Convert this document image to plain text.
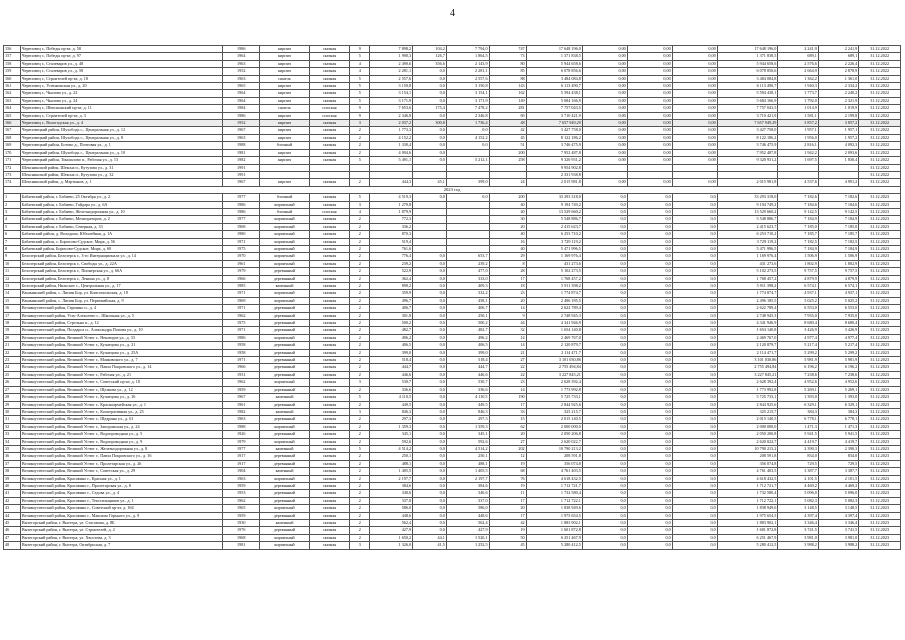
4
156	Череповец г., Победы пр-кт, д. 58	1986	кирпич	скатная	9	7 898,2	104,2	7 794,0	747	17 648 196,0	0,00	0,00	0,00	17 648 196,0	2 241,9	2 241,9	31.12.2022
157	Череповец г., Победы пр-кт, д. 97	1964	кирпич	скатная	5	1 990,3	126,7	1 864,5	73	1 371 838,5	0,00	0,00	0,00	1 371 838,5	689,1	689,1	31.12.2022
158	Череповец г., Сталеваров ул., д. 48	1963	кирпич	скатная	4	2 490,6	356,6	2 143,9	80	5 944 658,6	0,00	0,00	0,00	5 944 658,6	2 576,6	2 226,4	31.12.2022
159	Череповец г., Сталеваров ул., д. 58	1952	кирпич	скатная	4	2 281,1	0,0	2 281,1	85	6 078 856,6	0,00	0,00	0,00	6 078 856,6	2 664,9	2 878,9	31.12.2022
160	Череповец г., Строителей пр-кт, д. 18	1963	панель	скатная	5	2 557,6	0,0	2 557,6	88	3 484 084,8	0,00	0,00	0,00	3 484 084,8	1 362,2	1 361,0	31.12.2022
161	Череповец г., Устюженская ул., д. 20	1965	кирпич	скатная	5	3 150,8	0,0	3 150,8	143	6 113 490,7	0,00	0,00	0,00	6 113 490,7	1 940,3	2 334,2	31.12.2022
162	Череповец г., Чкалова ул., д. 22	1964	кирпич	скатная	5	3 154,1	0,0	3 154,1	162	5 594 438,1	0,00	0,00	0,00	5 594 438,1	1 773,7	2 240,2	31.12.2022
163	Череповец г., Чкалова ул., д. 24	1964	кирпич	скатная	5	3 171,9	0,0	3 171,9	149	5 684 166,9	0,00	0,00	0,00	5 684 166,9	1 792,0	2 321,9	31.12.2022
164	Череповец г., Шекснинский пр-кт, д. 11	1984	панель	плоская	9	7 653,6	175,4	7 478,2	281	7 757 043,5	0,00	0,00	0,00	7 757 043,5	1 014,9	1 019,9	31.12.2022
165	Череповец г., Строителей пр-кт, д. 3	1986	кирпич	плоская	9	2 346,8	0,0	2 346,8	69	3 710 421,9	0,00	0,00	0,00	3 710 421,9	1 581,1	2 199,8	31.12.2022
166	Череповец г., Вологодская ул., д. 4	1952	кирпич	скатная	3	2 037,2	300,8	1 736,4	48	7 657 949,29	0,00	0,00	0,00	7 657 949,29	3 857,2	3 857,2	31.12.2022
167	Череповецкий район, Шухободь с., Центральная ул., д. 12	1967	кирпич	скатная	2	1 773,3	0,0	0,0	42	3 427 758,0	0,00	0,00	0,00	3 427 758,0	1 957,1	1 957,1	31.12.2022
168	Череповецкий район, Шухободь с., Центральная ул., д. 8	1963	кирпич	скатная	2	4 152,2	0,0	4 152,2	45	8 122 186,2	0,00	0,00	0,00	8 122 186,2	1 956,0	1 957,2	31.12.2022
169	Череповецкий район, Ботово д., Почтовая ул., д. 1	1988	блочный	скатная	2	1 330,4	0,0	0,0	51	3 746 475,9	0,00	0,00	0,00	3 746 475,9	2 816,1	4 092,3	31.12.2022
170	Череповецкий район, Шухободь с., Центральная ул., д. 10	1981	кирпич	скатная	2	4 094,6	0,0		200	7 952 487,8	0,00	0,00	0,00	7 952 487,8	1 942,2	2 093,6	31.12.2022
171	Череповецкий район, Тоншалово п., Рабочая ул., д. 13	1982	кирпич	скатная	5	5 491,1	0,0	5 212,1	258	9 320 931,2	0,00	0,00	0,00	9 320 931,2	1 697,5	1 830,4	31.12.2022
172	Шекснинский район, Шексна п., Кутузова ул., д. 31	1991								9 954 902,8							31.12.2022
173	Шекснинский район, Шексна п., Кутузова ул., д. 32	1991								2 331 938,8							31.12.2022
174	Шекснинский район, д. Мартынов, д. 1	1967	кирпич	скатная	2	444,3	45,1	399,0	24	2 015 981,8	0,00	0,00	0,00	2 015 981,8	4 537,6	4 901,2	31.12.2022
2023 год																	
1	Бабаевский район, г. Бабаево, 25 Октября ул., д. 2	1977	блочный	скатная	5	4 519,3	0,0	0,0	200	33 293 318,0	0,0	0,0	0,0	33 293 318,0	7 182,6	7 182,6	31.12.2023
2	Бабаевский район, г. Бабаево, Гайдара ул., д. 6А	1986	кирпичный	скатная	3	1 279,8			40	9 194 749,2	0,0	0,0	0,0	9 194 749,2	7 184,6	7 184,6	31.12.2023
3	Бабаевский район, г. Бабаево, Железнодорожная ул., д. 10	1986	блочный	плоская	4	1 879,9			40	13 529 660,2	0,0	0,0	0,0	13 529 660,2	9 142,5	9 142,5	31.12.2023
4	Бабаевский район, г. Бабаево, Мелиораторов, д. 2	1977	кирпичный	скатная	2	772,3			30	5 548 886,7	0,0	0,0	0,0	5 548 886,7	7 184,9	7 184,9	31.12.2023
5	Бабаевский район, г. Бабаево, Северная, д. 33	1968	кирпичный	скатная	2	336,2			20	2 415 623,7	0,0	0,0	0,0	2 415 623,7	7 185,0	7 185,0	31.12.2023
6	Бабаевский район, д. Володино, Юбилейная, д. 1А	1980	кирпичный	скатная	2	870,3			40	6 253 710,2	0,0	0,0	0,0	6 253 710,2	7 185,7	7 185,7	31.12.2023
7	Бабаевский район, с. Борисово-Судское, Мира, д. 56	1971	кирпичный	скатная	2	519,4			16	3 729 119,2	0,0	0,0	0,0	3 729 119,2	7 182,5	7 182,5	31.12.2023
8	Бабаевский район, Борисово-Судское, Мира, д. 60	1975	кирпичный	скатная	2	761,6			40	5 471 996,5	0,0	0,0	0,0	5 471 996,5	7 184,9	7 184,9	31.12.2023
9	Белозерский район, Белозерск г., 3-го Интернационала ул., д. 14	1970	кирпичный	скатная	2	776,4	0,0	653,7	29	1 169 976,4	0,0	0,0	0,0	1 169 976,4	1 506,9	1 506,9	31.12.2023
10	Белозерский район, Белозерск г., Свободы ул., д. 22А	1961	кирпичный	скатная	2	239,2	0,0	239,2	8	431 273,6	0,0	0,0	0,0	431 273,6	1 802,9	1 802,9	31.12.2023
11	Белозерский район, Белозерск г., Пионерская ул., д. 66А	1979	деревянный	скатная	2	522,9	0,0	477,0	28	5 102 273,5	0,0	0,0	0,0	5 102 273,5	9 757,5	9 757,5	31.12.2023
12	Белозерский район, Белозерск г., Ленина ул., д. 8	1966	деревянный	скатная	2	362,4	0,0	333,0	17	1 768 457,2	0,0	0,0	0,0	1 768 457,2	4 879,9	4 879,9	31.12.2023
13	Белозерский район, Нильское с., Центральная ул., д. 17	1985	каменный	скатная	2	898,2	0,0	409,3	18	5 911 398,2	0,0	0,0	0,0	5 911 398,2	6 574,1	6 574,1	31.12.2023
14	Вашкинский район, с. Липин Бор, ул. Комсомольская, д. 18	1971	кирпичный	скатная	2	359,9	0,0	332,2	23	1 774 874,7	0,0	0,0	0,0	1 774 874,7	4 937,1	4 937,1	31.12.2023
15	Вашкинский район, с. Липин Бор, ул. Первомайская, д. 9	1969	кирпичный	скатная	2	496,7	0,0	458,1	20	2 496 185,5	0,0	0,0	0,0	2 496 185,5	5 025,2	5 025,2	31.12.2023
16	Великоустюгский район, Гаршино п., д. 4	1971	деревянный	скатная	2	406,7	0,0	406,7	14	2 622 789,4	0,0	0,0	0,0	2 622 789,4	6 553,0	6 553,0	31.12.2023
17	Великоустюгский район, Усть-Алексеево с., Школьная ул., д. 5	1962	деревянный	скатная	2	301,8	0,0	250,1	9	2 748 945,3	0,0	0,0	0,0	2 748 945,3	7 935,0	7 935,0	31.12.2023
18	Великоустюгский район, Стрельна п., д. 12	1975	деревянный	скатная	2	500,2	0,0	500,2	44	4 341 946,9	0,0	0,0	0,0	4 341 946,9	8 680,4	8 680,4	31.12.2023
19	Великоустюгский район, Полдарса п., Александра Попова ул., д. 10	1971	деревянный	скатная	2	482,7	0,0	482,7	32	1 654 140,8	0,0	0,0	0,0	1 654 140,8	3 426,9	3 426,9	31.12.2023
20	Великоустюгский район, Великий Устюг г., Неклюдов ул., д. 33	1986	кирпичный	скатная	2	496,2	0,0	496,2	14	2 469 767,0	0,0	0,0	0,0	2 469 767,0	4 977,4	4 977,4	31.12.2023
21	Великоустюгский район, Великий Устюг г., Кузнецова ул., д. 21	1958	деревянный	скатная	2	406,5	0,0	406,5	14	2 120 879,7	0,0	0,0	0,0	2 120 879,7	5 217,4	5 217,4	31.12.2023
22	Великоустюгский район, Великий Устюг г., Кузнецова ул., д. 25А	1958	деревянный	скатная	2	399,0	0,0	399,0	21	2 114 471,7	0,0	0,0	0,0	2 114 471,7	5 299,2	5 299,2	31.12.2023
23	Великоустюгский район, Великий Устюг г., Маяковского ул., д. 7	1971	деревянный	скатная	2	518,4	0,0	518,4	27	3 101 030,86	0,0	0,0	0,0	3 101 030,86	5 981,9	5 981,9	31.12.2023
24	Великоустюгский район, Великий Устюг г., Павла Покровского ул., д. 14	1966	деревянный	скатная	2	444,7	0,0	444,7	22	2 755 494,84	0,0	0,0	0,0	2 755 494,84	6 196,2	6 196,2	31.12.2023
25	Великоустюгский район, Великий Устюг г., Рабочая ул., д. 21	1931	деревянный	скатная	2	446,6	0,0	446,6	22	3 227 845,21	0,0	0,0	0,0	3 227 845,21	7 238,6	7 238,6	31.12.2023
26	Великоустюгский район, Великий Устюг г., Советский пр-кт, д. 18	1962	кирпичный	скатная	3	530,7	0,0	530,7	23	2 628 392,4	0,0	0,0	0,0	2 628 392,4	4 952,6	4 952,6	31.12.2023
27	Великоустюгский район, Великий Устюг г., Щелкова ул., д. 12	1959	деревянный	скатная	2	336,6	0,0	336,6	14	1 773 992,8	0,0	0,0	0,0	1 773 992,8	5 269,1	5 269,1	31.12.2023
28	Великоустюгский район, Великий Устюг г., Кузнецова ул., д. 16	1967	каменный	скатная	5	4 110,5	0,0	4 110,5	190	5 725 733,1	0,0	0,0	0,0	5 725 733,1	1 393,0	1 393,0	31.12.2023
29	Великоустюгский район, Великий Устюг г., Красноармейская ул., д. 1	1961	деревянный	скатная	2	449,5	0,0	449,5	17	2 844 925,6	0,0	0,0	0,0	2 844 925,6	6 329,1	6 329,1	31.12.2023
30	Великоустюгский район, Великий Устюг г., Кооперативная ул., д. 23	1982	каменный	скатная	3	846,3	0,0	846,3	33	325 215,7	0,0	0,0	0,0	325 215,7	384,3	384,3	31.12.2023
31	Великоустюгский район, Великий Устюг г., Щедрина ул., д. 61	1963	деревянный	скатная	2	297,3	0,0	297,3	15	2 015 140,5	0,0	0,0	0,0	2 015 140,5	6 778,1	6 778,1	31.12.2023
32	Великоустюгский район, Великий Устюг г., Запорожская ул., д. 24	1988	кирпичный	скатная	2	1 359,3	0,0	1 359,3	62	2 000 000,0	0,0	0,0	0,0	2 000 000,0	1 471,3	1 471,3	31.12.2023
33	Великоустюгский район, Великий Устюг г., Водопроводная ул., д. 5	1926	деревянный	скатная	2	345,1	0,0	345,1	20	2 050 206,8	0,0	0,0	0,0	2 050 206,8	5 941,5	5 941,5	31.12.2023
34	Великоустюгский район, Великий Устюг г., Водопроводная ул., д. 9	1979	кирпичный	скатная	2	592,6	0,0	592,6	27	2 620 022,7	0,0	0,0	0,0	2 620 022,7	4 419,7	4 419,7	31.12.2023
35	Великоустюгский район, Великий Устюг г., Железнодорожная ул., д. 8	1977	каменный	скатная	5	4 514,2	0,0	4 514,2	202	10 790 213,2	0,0	0,0	0,0	10 790 213,2	2 390,3	2 390,3	31.12.2023
36	Великоустюгский район, Великий Устюг г., Павла Покровского ул., д. 16	1917	деревянный	скатная	2	250,1	0,0	250,1	12	208 591,8	0,0	0,0	0,0	208 591,8	834,0	834,0	31.12.2023
37	Великоустюгский район, Великий Устюг г., Пролетарская ул., д. 26	1917	деревянный	скатная	2	488,1	0,0	488,1	19	356 074,8	0,0	0,0	0,0	356 074,8	729,5	729,5	31.12.2023
38	Великоустюгский район, Великий Устюг г., Советская ул., д. 29	1904	каменный	скатная	2	1 405,5	0,0	1 405,5	68	4 761 403,5	0,0	0,0	0,0	4 761 403,5	3 387,7	3 387,7	31.12.2023
39	Великоустюгский район, Красавино г., Красная ул., д. 1	1963	кирпичный	скатная	2	2 197,7	0,0	2 197,7	76	4 618 432,5	0,0	0,0	0,0	4 618 432,5	2 101,5	2 101,5	31.12.2023
40	Великоустюгский район, Красавино г., Пролетарская ул., д. 8	1959	деревянный	скатная	2	384,6	0,0	384,6	19	1 712 721,7	0,0	0,0	0,0	1 712 721,7	4 469,2	4 469,2	31.12.2023
41	Великоустюгский район, Красавино г., Седова ул., д. 4	1953	деревянный	скатная	2	340,6	0,0	340,6	11	1 732 580,4	0,0	0,0	0,0	1 732 580,4	5 096,0	5 096,0	31.12.2023
42	Великоустюгский район, Красавино г., Текстильщиков ул., д. 1	1962	деревянный	скатная	2	337,0	0,0	337,0	17	1 712 722,1	0,0	0,0	0,0	1 712 722,1	5 082,3	5 082,3	31.12.2023
43	Великоустюгский район, Красавино г., Советский пр-кт, д. 164	1965	кирпичный	скатная	2	586,0	0,0	586,0	20	1 838 949,6	0,0	0,0	0,0	1 838 949,6	3 148,5	3 148,5	31.12.2023
44	Великоустюгский район, Красавино г., Максима Горького ул., д. 9	1959	деревянный	скатная	2	448,6	0,0	448,6	17	1 975 654,5	0,0	0,0	0,0	1 975 654,5	4 397,4	4 397,4	31.12.2023
45	Вытегорский район, г. Вытегра, ул. Стасовова, д. 8Б	1930	каменный	скатная	2	562,4	0,0	562,4	42	1 883 902,1	0,0	0,0	0,0	1 883 902,1	3 346,4	3 346,4	31.12.2023
46	Вытегорский район, г. Вытегра, ул. Строителей, д. 2	1976	деревянный	скатная	2	427,9	0,0	427,9	19	1 601 872,8	0,0	0,0	0,0	1 601 872,8	3 741,5	3 741,5	31.12.2023
47	Вытегорский район, г. Вытегра, ул. Хвостова, д. 3	1968	кирпичный	скатная	2	1 650,2	44,1	1 520,1	50	6 251 467,9	0,0	0,0	0,0	6 251 467,9	3 981,0	3 981,0	31.12.2023
48	Вытегорский район, г. Вытегра, Октябрьская, д. 7	1981	кирпичный	скатная	3	1 326,0	41,5	1 252,5	45	5 280 412,5	0,0	0,0	0,0	5 280 412,5	3 988,2	3 988,2	31.12.2023
